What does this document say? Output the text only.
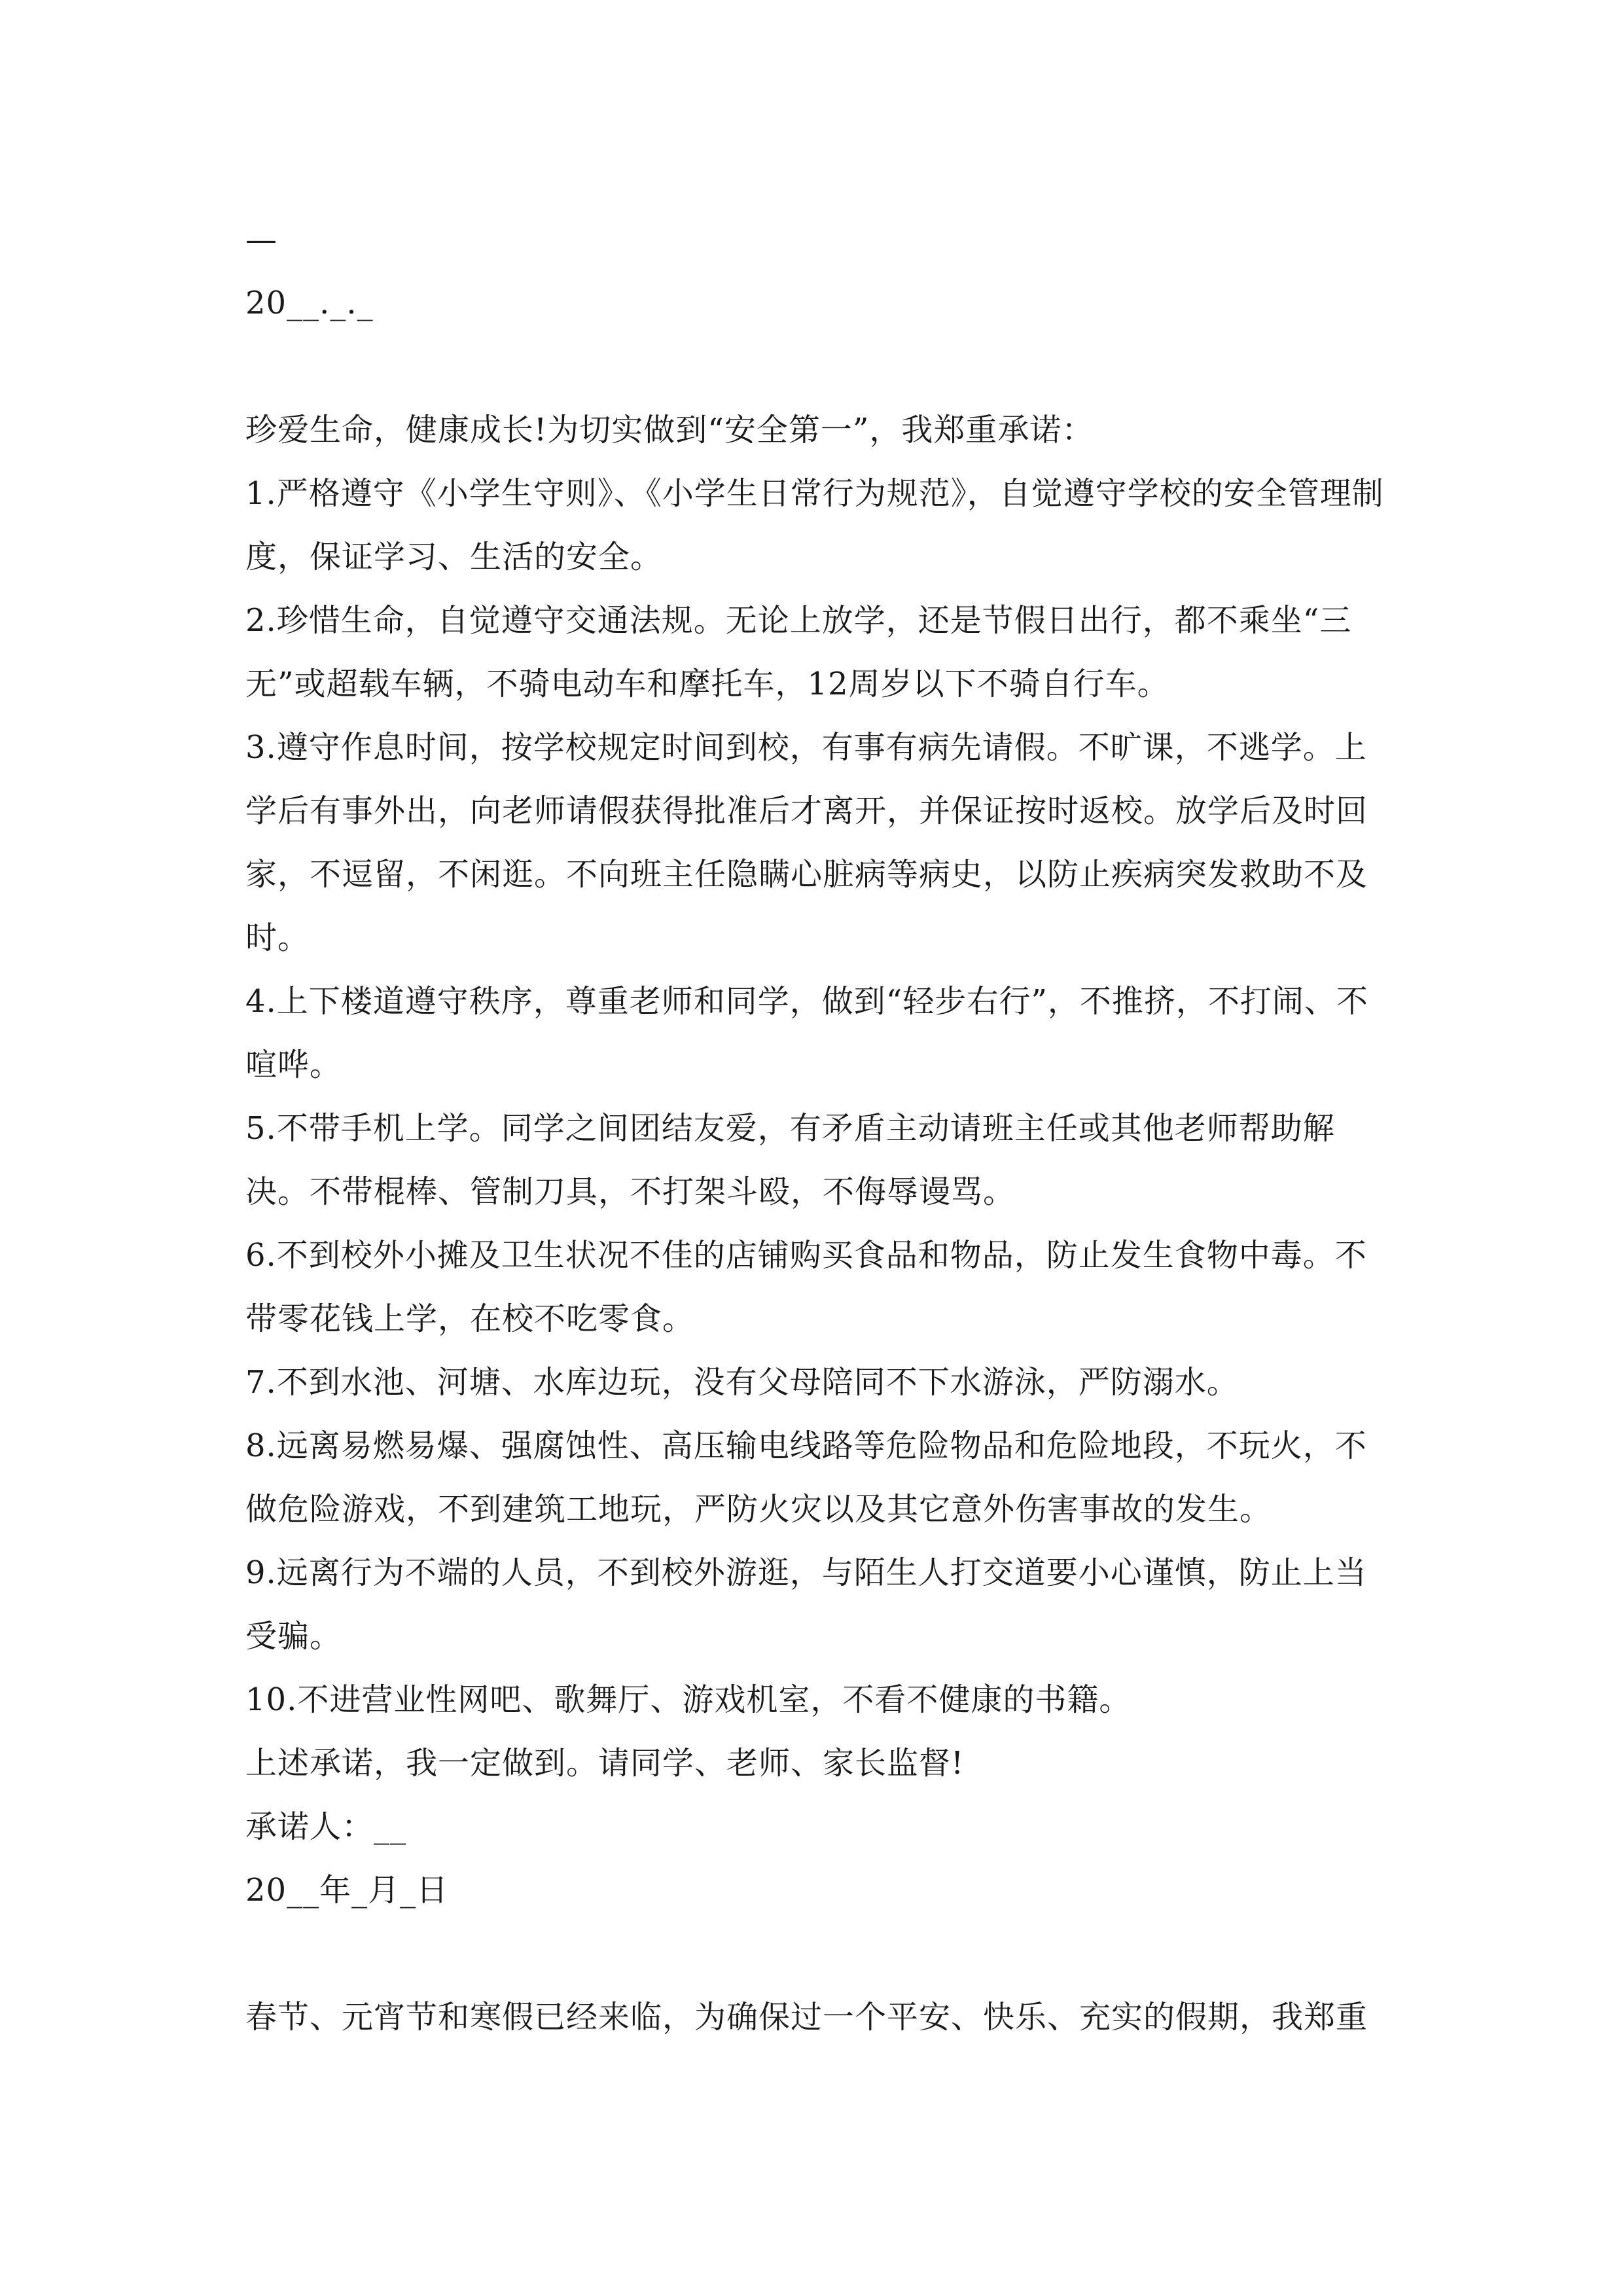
—
20__._._
珍爱生命，健康成长!为切实做到“安全第一”，我郑重承诺：
1.严格遵守《小学生守则》、《小学生日常行为规范》，自觉遵守学校的安全管理制度，保证学习、生活的安全。
2.珍惜生命，自觉遵守交通法规。无论上放学，还是节假日出行，都不乘坐“三无”或超载车辆，不骑电动车和摩托车，12周岁以下不骑自行车。
3.遵守作息时间，按学校规定时间到校，有事有病先请假。不旷课，不逃学。上学后有事外出，向老师请假获得批准后才离开，并保证按时返校。放学后及时回家，不逗留，不闲逛。不向班主任隐瞒心脏病等病史，以防止疾病突发救助不及时。
4.上下楼道遵守秩序，尊重老师和同学，做到“轻步右行”，不推挤，不打闹、不喧哗。
5.不带手机上学。同学之间团结友爱，有矛盾主动请班主任或其他老师帮助解决。不带棍棒、管制刀具，不打架斗殴，不侮辱谩骂。
6.不到校外小摊及卫生状况不佳的店铺购买食品和物品，防止发生食物中毒。不带零花钱上学，在校不吃零食。
7.不到水池、河塘、水库边玩，没有父母陪同不下水游泳，严防溺水。
8.远离易燃易爆、强腐蚀性、高压输电线路等危险物品和危险地段，不玩火，不做危险游戏，不到建筑工地玩，严防火灾以及其它意外伤害事故的发生。
9.远离行为不端的人员，不到校外游逛，与陌生人打交道要小心谨慎，防止上当受骗。
10.不进营业性网吧、歌舞厅、游戏机室，不看不健康的书籍。
上述承诺，我一定做到。请同学、老师、家长监督!
承诺人：__
20__年_月_日
春节、元宵节和寒假已经来临，为确保过一个平安、快乐、充实的假期，我郑重
